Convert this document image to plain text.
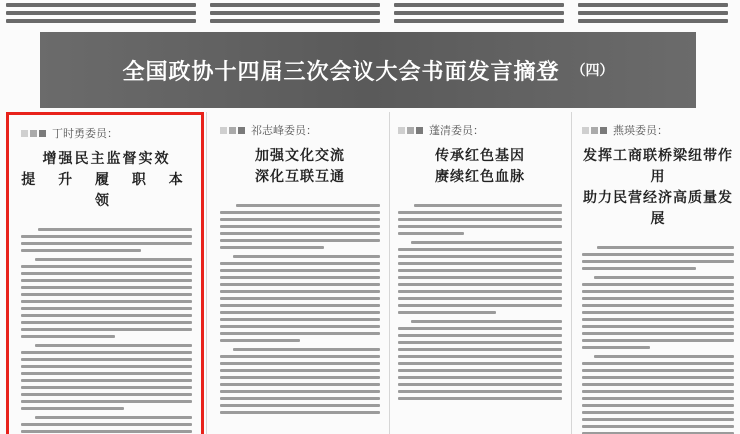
全国政协十四届三次会议大会书面发言摘登 （四）
丁时勇委员：
增强民主监督实效
提 升 履 职 本 领
祁志峰委员：
加强文化交流
深化互联互通
蓬清委员：
传承红色基因
赓续红色血脉
燕瑛委员：
发挥工商联桥梁纽带作用
助力民营经济高质量发展
